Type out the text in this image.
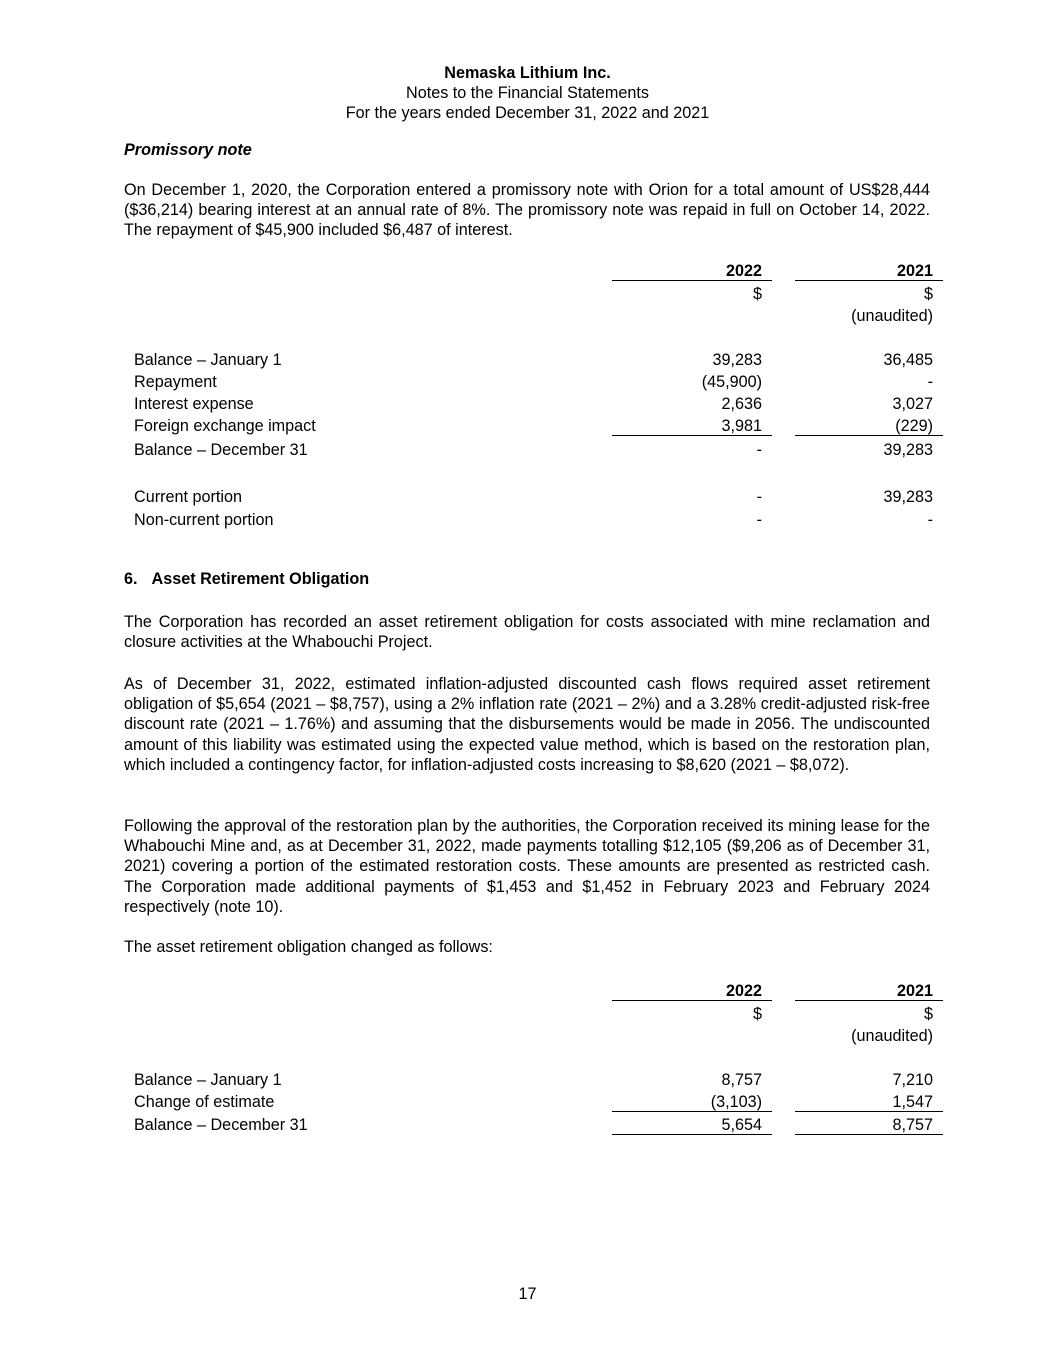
Nemaska Lithium Inc.
Notes to the Financial Statements
For the years ended December 31, 2022 and 2021
Promissory note

On December 1, 2020, the Corporation entered a promissory note with Orion for a total amount of US$28,444 ($36,214) bearing interest at an annual rate of 8%. The promissory note was repaid in full on October 14, 2022. The repayment of $45,900 included $6,487 of interest.

2022	2021
$	$
(unaudited)
Balance – January 1	39,283	36,485
Repayment	(45,900)	-
Interest expense	2,636	3,027
Foreign exchange impact	3,981	(229)
Balance – December 31	-	39,283
Current portion	-	39,283
Non-current portion	-	-
6. Asset Retirement Obligation

The Corporation has recorded an asset retirement obligation for costs associated with mine reclamation and closure activities at the Whabouchi Project.

As of December 31, 2022, estimated inflation-adjusted discounted cash flows required asset retirement obligation of $5,654 (2021 – $8,757), using a 2% inflation rate (2021 – 2%) and a 3.28% credit-adjusted risk-free discount rate (2021 – 1.76%) and assuming that the disbursements would be made in 2056. The undiscounted amount of this liability was estimated using the expected value method, which is based on the restoration plan, which included a contingency factor, for inflation-adjusted costs increasing to $8,620 (2021 – $8,072).

Following the approval of the restoration plan by the authorities, the Corporation received its mining lease for the Whabouchi Mine and, as at December 31, 2022, made payments totalling $12,105 ($9,206 as of December 31, 2021) covering a portion of the estimated restoration costs. These amounts are presented as restricted cash. The Corporation made additional payments of $1,453 and $1,452 in February 2023 and February 2024 respectively (note 10).

The asset retirement obligation changed as follows:

2022	2021
$	$
(unaudited)
Balance – January 1	8,757	7,210
Change of estimate	(3,103)	1,547
Balance – December 31	5,654	8,757
17
